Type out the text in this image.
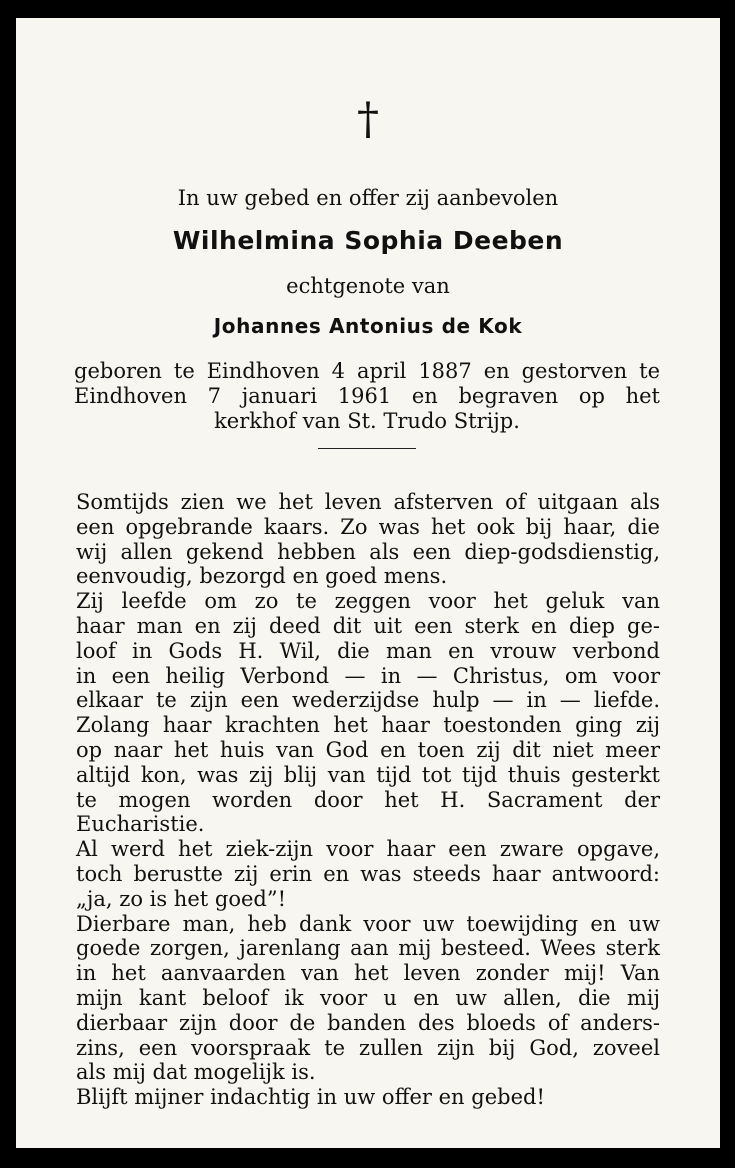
†
In uw gebed en offer zij aanbevolen
Wilhelmina Sophia Deeben
echtgenote van
Johannes Antonius de Kok
geboren te Eindhoven 4 april 1887 en gestorven te
Eindhoven 7 januari 1961 en begraven op het
kerkhof van St. Trudo Strijp.
Somtijds zien we het leven afsterven of uitgaan als
een opgebrande kaars. Zo was het ook bij haar, die
wij allen gekend hebben als een diep-godsdienstig,
eenvoudig, bezorgd en goed mens.
Zij leefde om zo te zeggen voor het geluk van
haar man en zij deed dit uit een sterk en diep ge-
loof in Gods H. Wil, die man en vrouw verbond
in een heilig Verbond — in — Christus, om voor
elkaar te zijn een wederzijdse hulp — in — liefde.
Zolang haar krachten het haar toestonden ging zij
op naar het huis van God en toen zij dit niet meer
altijd kon, was zij blij van tijd tot tijd thuis gesterkt
te mogen worden door het H. Sacrament der
Eucharistie.
Al werd het ziek-zijn voor haar een zware opgave,
toch berustte zij erin en was steeds haar antwoord:
„ja, zo is het goed”!
Dierbare man, heb dank voor uw toewijding en uw
goede zorgen, jarenlang aan mij besteed. Wees sterk
in het aanvaarden van het leven zonder mij! Van
mijn kant beloof ik voor u en uw allen, die mij
dierbaar zijn door de banden des bloeds of anders-
zins, een voorspraak te zullen zijn bij God, zoveel
als mij dat mogelijk is.
Blijft mijner indachtig in uw offer en gebed!
